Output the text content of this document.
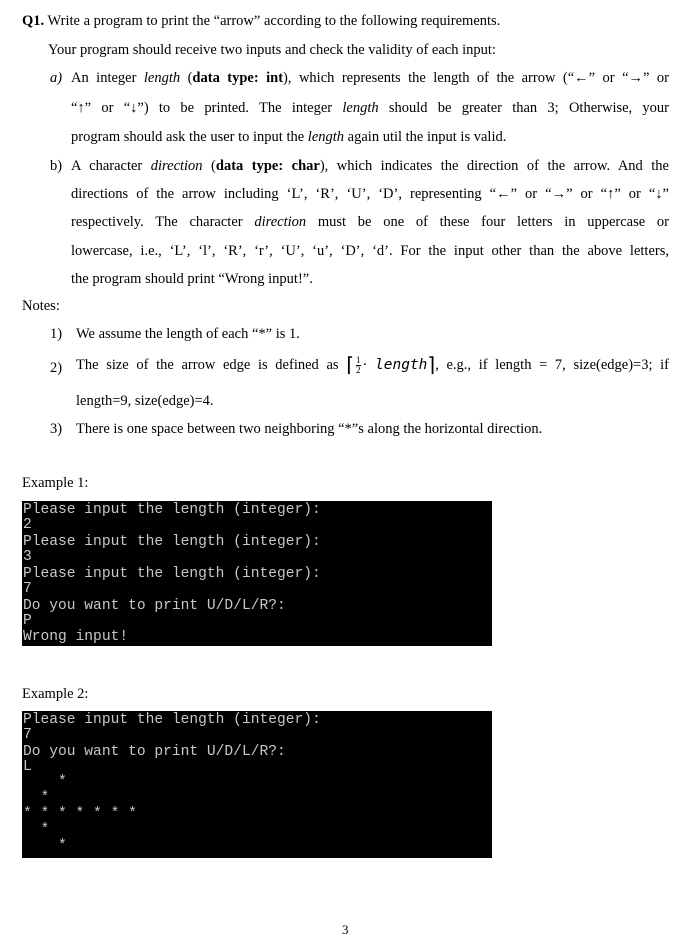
Q1. Write a program to print the “arrow” according to the following requirements.
Your program should receive two inputs and check the validity of each input:
a) An integer length (data type: int), which represents the length of the arrow (“←” or “→” or
“↑” or “↓”) to be printed. The integer length should be greater than 3; Otherwise, your
program should ask the user to input the length again util the input is valid.
b) A character direction (data type: char), which indicates the direction of the arrow. And the
directions of the arrow including ‘L’, ‘R’, ‘U’, ‘D’, representing “←” or “→” or “↑” or “↓”
respectively. The character direction must be one of these four letters in uppercase or
lowercase, i.e., ‘L’, ‘l’, ‘R’, ‘r’, ‘U’, ‘u’, ‘D’, ‘d’. For the input other than the above letters,
the program should print “Wrong input!”.
Notes:
1) We assume the length of each “*” is 1.
2) The size of the arrow edge is defined as ⌈ $\frac{1}{2}$ · length⌉, e.g., if length = 7, size(edge)=3; if
length=9, size(edge)=4.
3) There is one space between two neighboring “*”s along the horizontal direction.
Example 1:
Please input the length (integer):
2
Please input the length (integer):
3
Please input the length (integer):
7
Do you want to print U/D/L/R?:
P
Wrong input!
Example 2:
Please input the length (integer):
7
Do you want to print U/D/L/R?:
L
*
*
* * * * * * *
*
*
3
